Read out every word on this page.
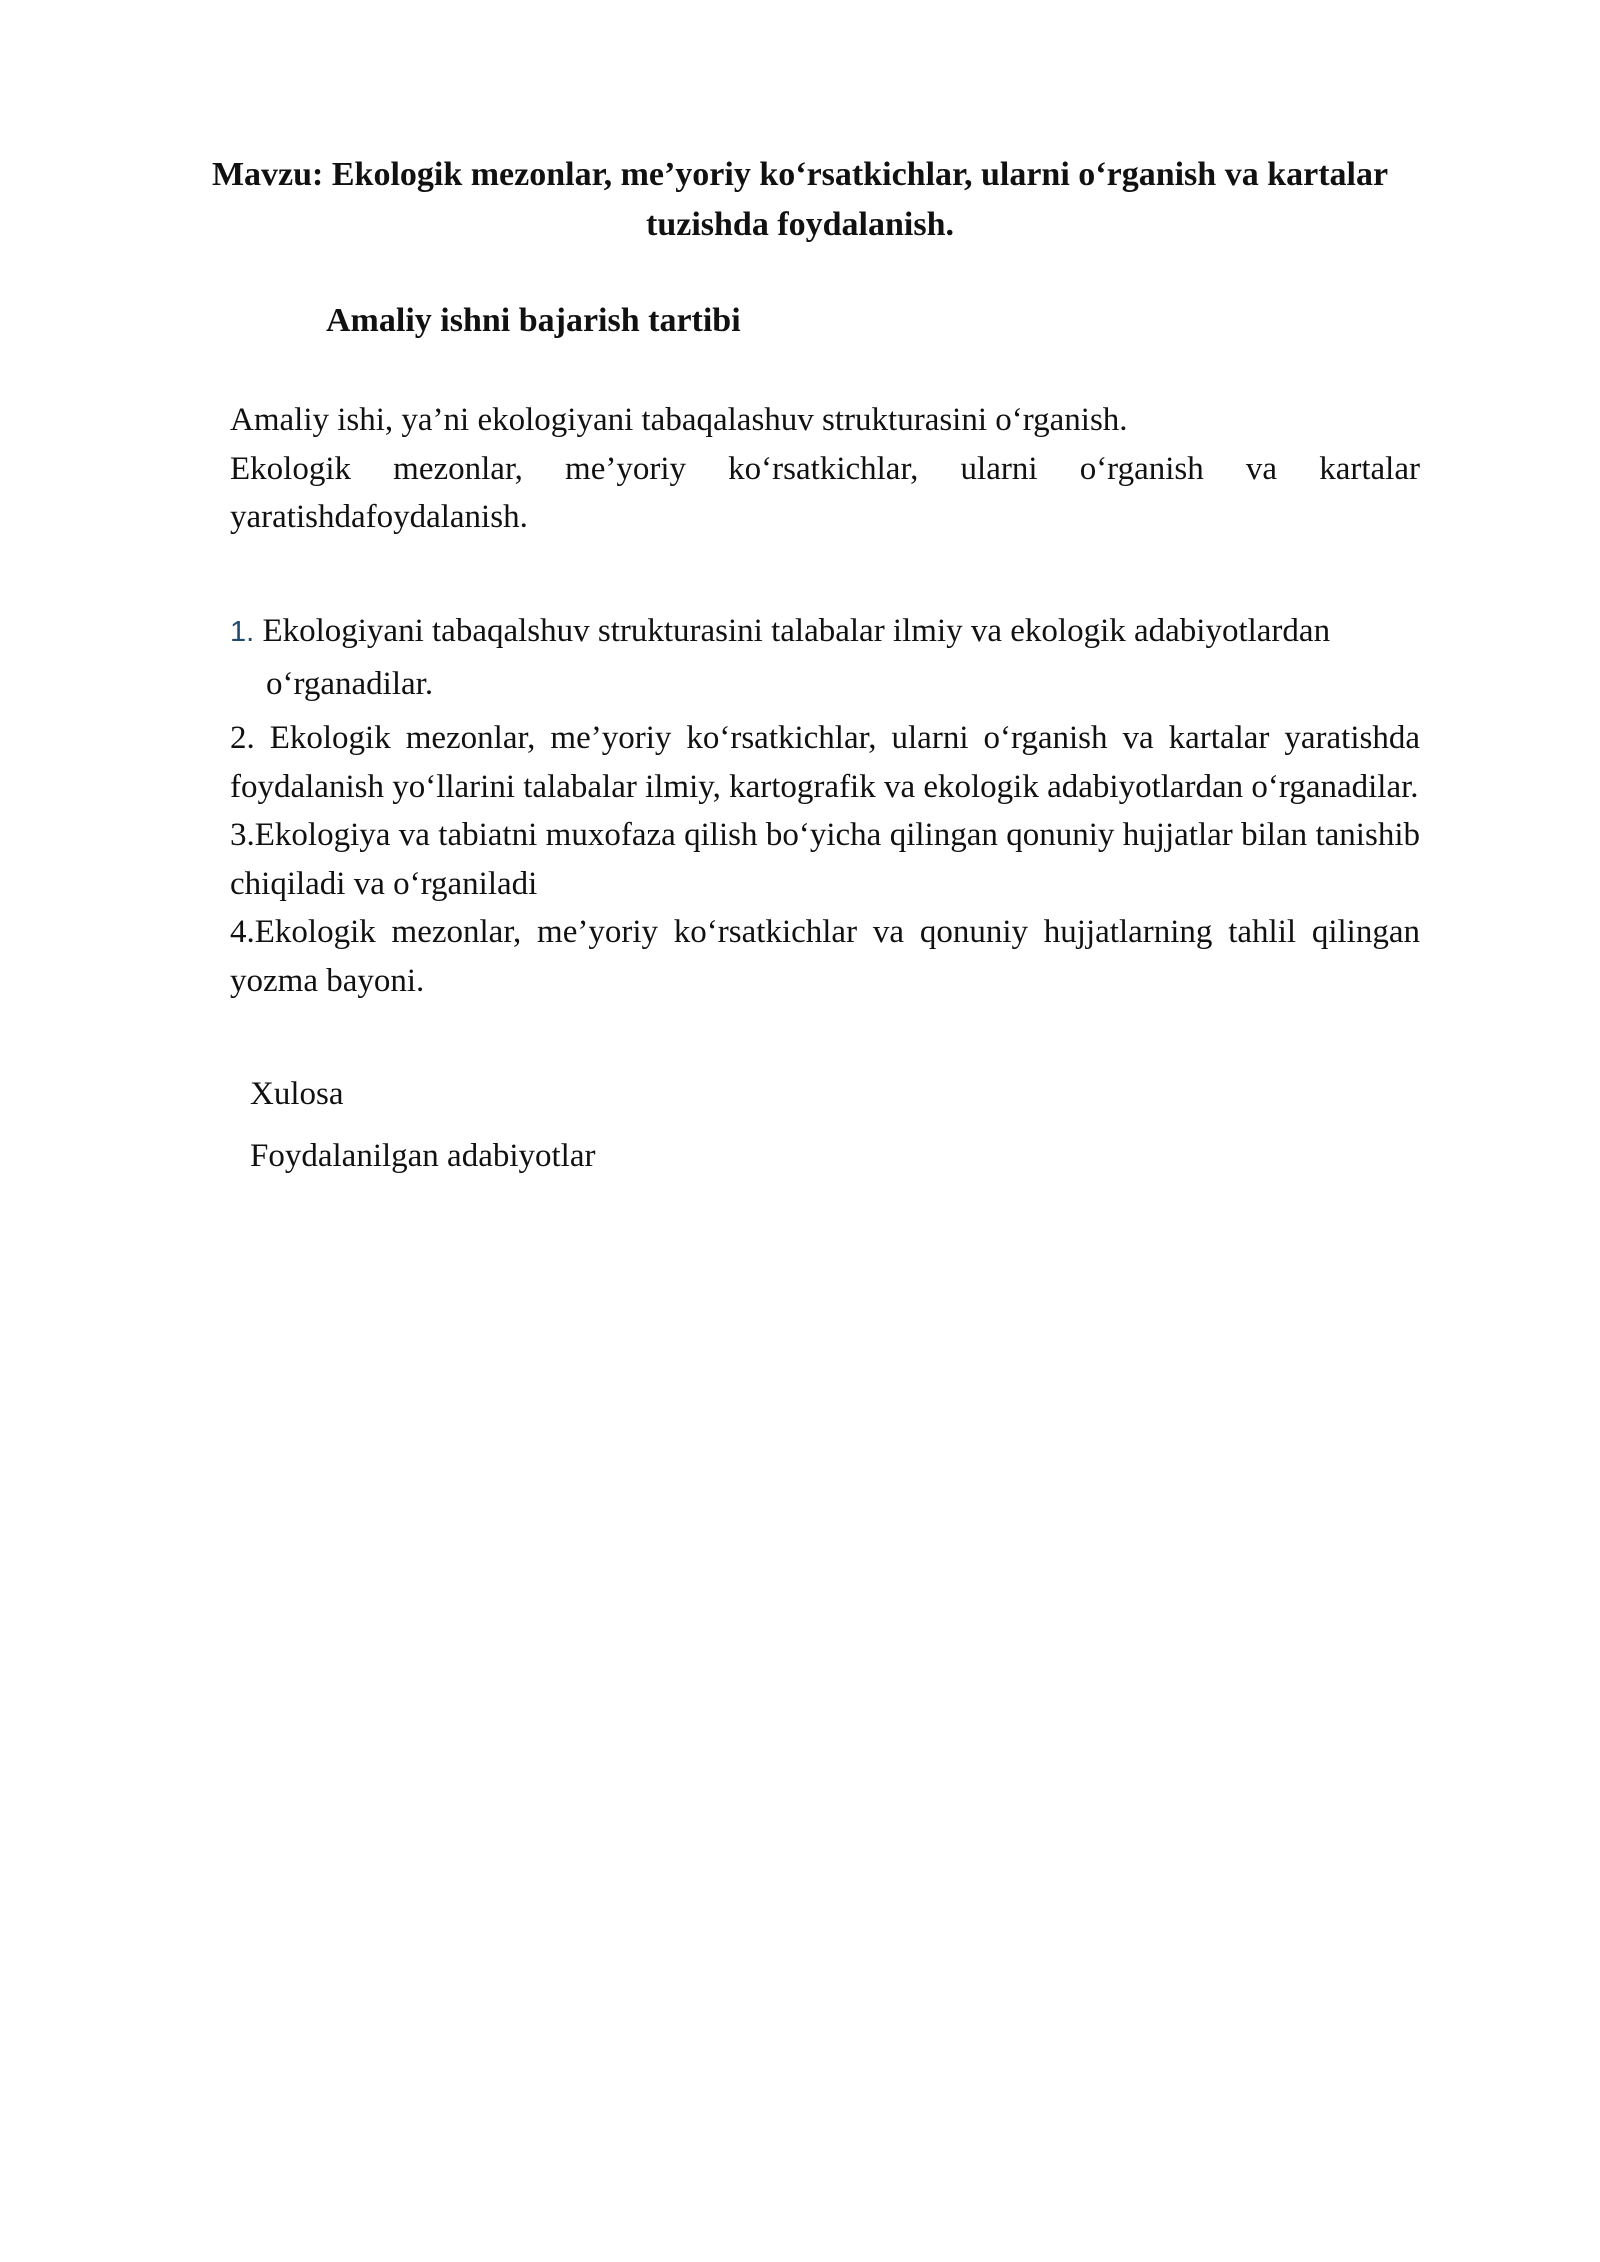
Mavzu: Ekologik mezonlar, me’yoriy ko‘rsatkichlar, ularni o‘rganish va kartalar
tuzishda foydalanish.
Amaliy ishni bajarish tartibi
Amaliy ishi, ya’ni ekologiyani tabaqalashuv strukturasini o‘rganish.
Ekologik mezonlar, me’yoriy ko‘rsatkichlar, ularni o‘rganish va kartalar yaratishdafoydalanish.
1. Ekologiyani tabaqalshuv strukturasini talabalar ilmiy va ekologik adabiyotlardan
o‘rganadilar.

2. Ekologik mezonlar, me’yoriy ko‘rsatkichlar, ularni o‘rganish va kartalar yaratishda foydalanish yo‘llarini talabalar ilmiy, kartografik va ekologik adabiyotlardan o‘rganadilar.

3.Ekologiya va tabiatni muxofaza qilish bo‘yicha qilingan qonuniy hujjatlar bilan tanishib chiqiladi va o‘rganiladi

4.Ekologik mezonlar, me’yoriy ko‘rsatkichlar va qonuniy hujjatlarning tahlil qilingan yozma bayoni.

Xulosa

Foydalanilgan adabiyotlar
